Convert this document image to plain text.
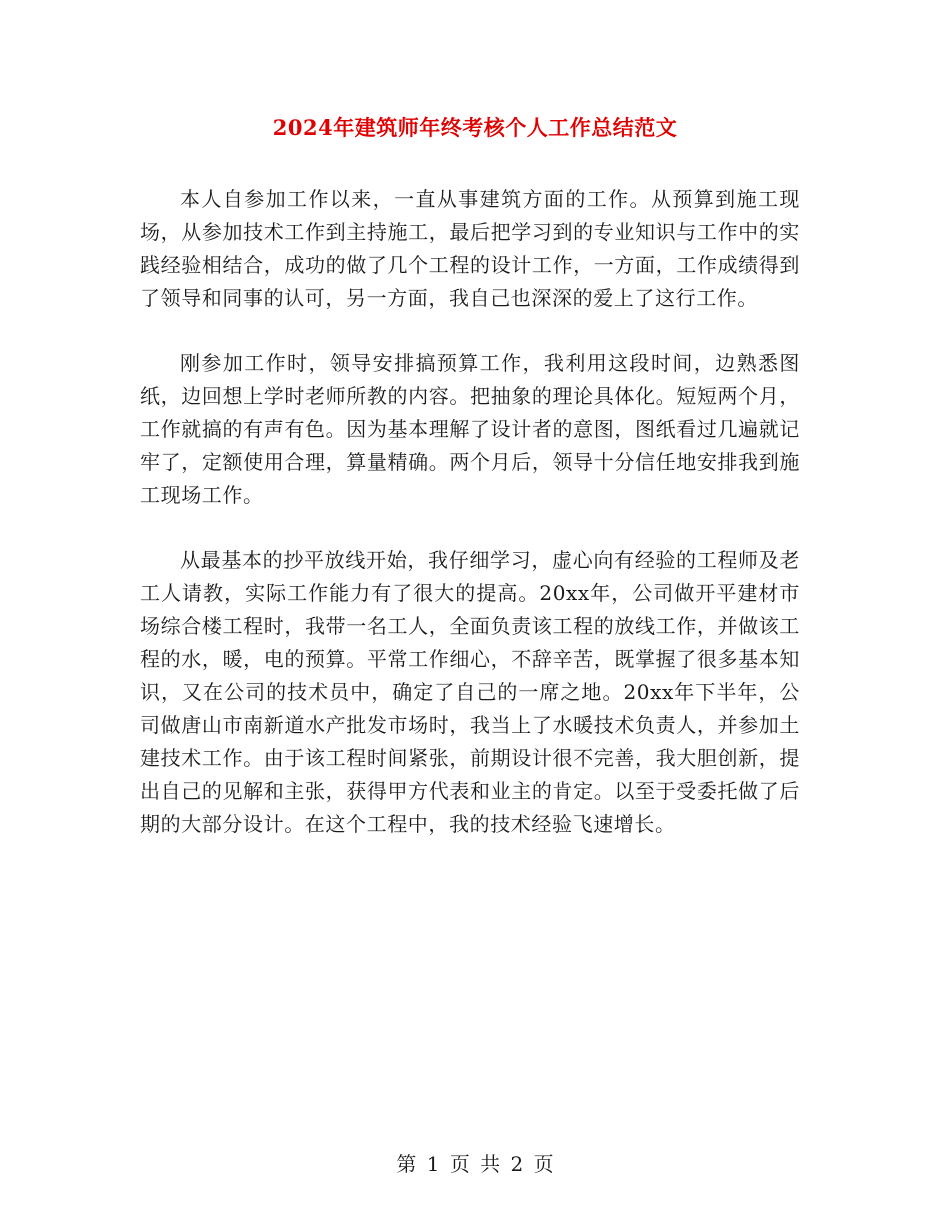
2024年建筑师年终考核个人工作总结范文

本人自参加工作以来，一直从事建筑方面的工作。从预算到施工现场，从参加技术工作到主持施工，最后把学习到的专业知识与工作中的实践经验相结合，成功的做了几个工程的设计工作，一方面，工作成绩得到了领导和同事的认可，另一方面，我自己也深深的爱上了这行工作。

刚参加工作时，领导安排搞预算工作，我利用这段时间，边熟悉图纸，边回想上学时老师所教的内容。把抽象的理论具体化。短短两个月，工作就搞的有声有色。因为基本理解了设计者的意图，图纸看过几遍就记牢了，定额使用合理，算量精确。两个月后，领导十分信任地安排我到施工现场工作。

从最基本的抄平放线开始，我仔细学习，虚心向有经验的工程师及老工人请教，实际工作能力有了很大的提高。20xx年，公司做开平建材市场综合楼工程时，我带一名工人，全面负责该工程的放线工作，并做该工程的水，暖，电的预算。平常工作细心，不辞辛苦，既掌握了很多基本知识，又在公司的技术员中，确定了自己的一席之地。20xx年下半年，公司做唐山市南新道水产批发市场时，我当上了水暖技术负责人，并参加土建技术工作。由于该工程时间紧张，前期设计很不完善，我大胆创新，提出自己的见解和主张，获得甲方代表和业主的肯定。以至于受委托做了后期的大部分设计。在这个工程中，我的技术经验飞速增长。

第 1 页 共 2 页
